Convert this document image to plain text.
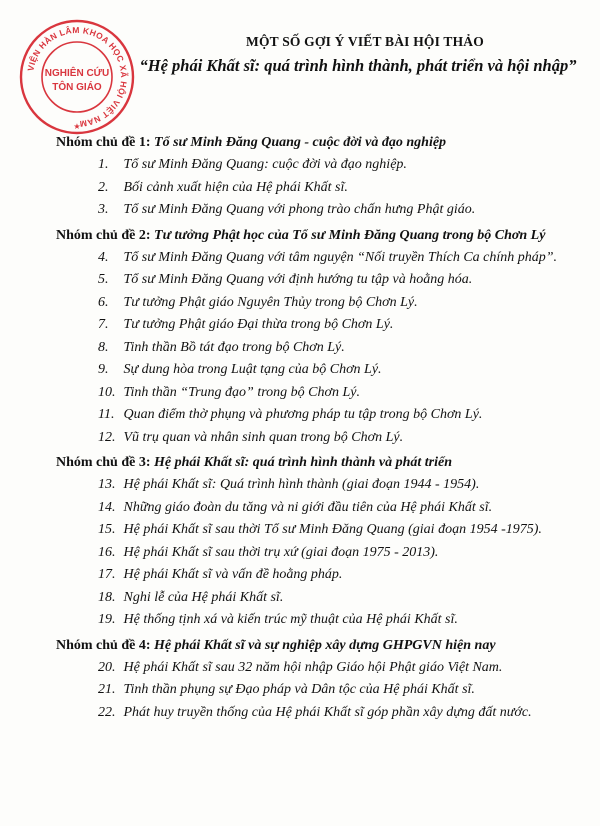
VIỆN HÀN LÂM KHOA HỌC XÃ HỘI VIỆT NAM
NGHIÊN CỨU
TÔN GIÁO
★
MỘT SỐ GỢI Ý VIẾT BÀI HỘI THẢO
“Hệ phái Khất sĩ: quá trình hình thành, phát triển và hội nhập”
Nhóm chủ đề 1: Tổ sư Minh Đăng Quang - cuộc đời và đạo nghiệp
1. Tổ sư Minh Đăng Quang: cuộc đời và đạo nghiệp.
2. Bối cảnh xuất hiện của Hệ phái Khất sĩ.
3. Tổ sư Minh Đăng Quang với phong trào chấn hưng Phật giáo.
Nhóm chủ đề 2: Tư tưởng Phật học của Tổ sư Minh Đăng Quang trong bộ Chơn Lý
4. Tổ sư Minh Đăng Quang với tâm nguyện “Nối truyền Thích Ca chính pháp”.
5. Tổ sư Minh Đăng Quang với định hướng tu tập và hoằng hóa.
6. Tư tưởng Phật giáo Nguyên Thủy trong bộ Chơn Lý.
7. Tư tưởng Phật giáo Đại thừa trong bộ Chơn Lý.
8. Tinh thần Bồ tát đạo trong bộ Chơn Lý.
9. Sự dung hòa trong Luật tạng của bộ Chơn Lý.
10. Tinh thần “Trung đạo” trong bộ Chơn Lý.
11. Quan điểm thờ phụng và phương pháp tu tập trong bộ Chơn Lý.
12. Vũ trụ quan và nhân sinh quan trong bộ Chơn Lý.
Nhóm chủ đề 3: Hệ phái Khất sĩ: quá trình hình thành và phát triển
13. Hệ phái Khất sĩ: Quá trình hình thành (giai đoạn 1944 - 1954).
14. Những giáo đoàn du tăng và ni giới đầu tiên của Hệ phái Khất sĩ.
15. Hệ phái Khất sĩ sau thời Tổ sư Minh Đăng Quang (giai đoạn 1954 -1975).
16. Hệ phái Khất sĩ sau thời trụ xứ (giai đoạn 1975 - 2013).
17. Hệ phái Khất sĩ và vấn đề hoằng pháp.
18. Nghi lễ của Hệ phái Khất sĩ.
19. Hệ thống tịnh xá và kiến trúc mỹ thuật của Hệ phái Khất sĩ.
Nhóm chủ đề 4: Hệ phái Khất sĩ và sự nghiệp xây dựng GHPGVN hiện nay
20. Hệ phái Khất sĩ sau 32 năm hội nhập Giáo hội Phật giáo Việt Nam.
21. Tinh thần phụng sự Đạo pháp và Dân tộc của Hệ phái Khất sĩ.
22. Phát huy truyền thống của Hệ phái Khất sĩ góp phần xây dựng đất nước.
